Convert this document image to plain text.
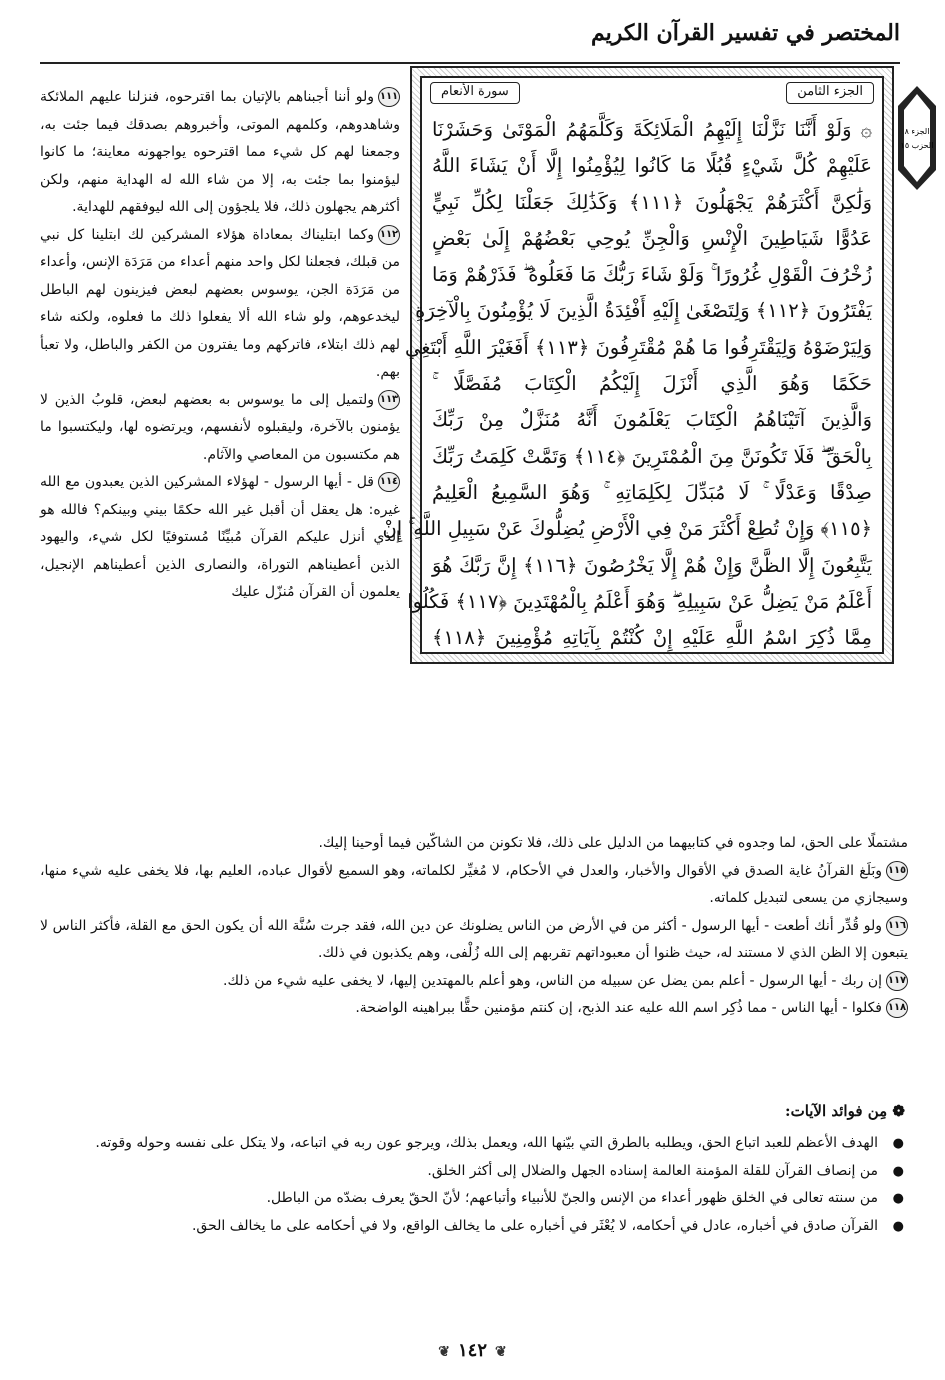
المختصر في تفسير القرآن الكريم
الجزء الثامن
سورة الأنعام
۞ وَلَوْ أَنَّنَا نَزَّلْنَا إِلَيْهِمُ الْمَلَائِكَةَ وَكَلَّمَهُمُ الْمَوْتَىٰ وَحَشَرْنَا
عَلَيْهِمْ كُلَّ شَيْءٍ قُبُلًا مَا كَانُوا لِيُؤْمِنُوا إِلَّا أَنْ يَشَاءَ اللَّهُ
وَلَٰكِنَّ أَكْثَرَهُمْ يَجْهَلُونَ ﴿١١١﴾ وَكَذَٰلِكَ جَعَلْنَا لِكُلِّ نَبِيٍّ
عَدُوًّا شَيَاطِينَ الْإِنْسِ وَالْجِنِّ يُوحِي بَعْضُهُمْ إِلَىٰ بَعْضٍ
زُخْرُفَ الْقَوْلِ غُرُورًا ۚ وَلَوْ شَاءَ رَبُّكَ مَا فَعَلُوهُ ۖ فَذَرْهُمْ وَمَا
يَفْتَرُونَ ﴿١١٢﴾ وَلِتَصْغَىٰ إِلَيْهِ أَفْئِدَةُ الَّذِينَ لَا يُؤْمِنُونَ بِالْآخِرَةِ
وَلِيَرْضَوْهُ وَلِيَقْتَرِفُوا مَا هُمْ مُقْتَرِفُونَ ﴿١١٣﴾ أَفَغَيْرَ اللَّهِ أَبْتَغِي
حَكَمًا وَهُوَ الَّذِي أَنْزَلَ إِلَيْكُمُ الْكِتَابَ مُفَصَّلًا ۚ
وَالَّذِينَ آتَيْنَاهُمُ الْكِتَابَ يَعْلَمُونَ أَنَّهُ مُنَزَّلٌ مِنْ رَبِّكَ
بِالْحَقِّ ۖ فَلَا تَكُونَنَّ مِنَ الْمُمْتَرِينَ ﴿١١٤﴾ وَتَمَّتْ كَلِمَتُ رَبِّكَ
صِدْقًا وَعَدْلًا ۚ لَا مُبَدِّلَ لِكَلِمَاتِهِ ۚ وَهُوَ السَّمِيعُ الْعَلِيمُ
﴿١١٥﴾ وَإِنْ تُطِعْ أَكْثَرَ مَنْ فِي الْأَرْضِ يُضِلُّوكَ عَنْ سَبِيلِ اللَّهِ ۚ إِنْ
يَتَّبِعُونَ إِلَّا الظَّنَّ وَإِنْ هُمْ إِلَّا يَخْرُصُونَ ﴿١١٦﴾ إِنَّ رَبَّكَ هُوَ
أَعْلَمُ مَنْ يَضِلُّ عَنْ سَبِيلِهِ ۖ وَهُوَ أَعْلَمُ بِالْمُهْتَدِينَ ﴿١١٧﴾ فَكُلُوا
مِمَّا ذُكِرَ اسْمُ اللَّهِ عَلَيْهِ إِنْ كُنْتُمْ بِآيَاتِهِ مُؤْمِنِينَ ﴿١١٨﴾
الجزء ٨
الحزب ١٥

١١١ولو أننا أجبناهم بالإتيان بما اقترحوه، فنزلنا عليهم الملائكة وشاهدوهم، وكلمهم الموتى، وأخبروهم بصدقك فيما جئت به، وجمعنا لهم كل شيء مما اقترحوه يواجهونه معاينة؛ ما كانوا ليؤمنوا بما جئت به، إلا من شاء الله له الهداية منهم، ولكن أكثرهم يجهلون ذلك، فلا يلجؤون إلى الله ليوفقهم للهداية.

١١٢وكما ابتليناك بمعاداة هؤلاء المشركين لك ابتلينا كل نبي من قبلك، فجعلنا لكل واحد منهم أعداء من مَرَدَة الإنس، وأعداء من مَرَدَة الجن، يوسوس بعضهم لبعض فيزينون لهم الباطل ليخدعوهم، ولو شاء الله ألا يفعلوا ذلك ما فعلوه، ولكنه شاء لهم ذلك ابتلاء، فاتركهم وما يفترون من الكفر والباطل، ولا تعبأ بهم.

١١٣ولتميل إلى ما يوسوس به بعضهم لبعض، قلوبُ الذين لا يؤمنون بالآخرة، وليقبلوه لأنفسهم، ويرتضوه لها، وليكتسبوا ما هم مكتسبون من المعاصي والآثام.

١١٤قل - أيها الرسول - لهؤلاء المشركين الذين يعبدون مع الله غيره: هل يعقل أن أقبل غير الله حكمًا بيني وبينكم؟ فالله هو الذي أنزل عليكم القرآن مُبيِّنًا مُستوفيًا لكل شيء، واليهود الذين أعطيناهم التوراة، والنصارى الذين أعطيناهم الإنجيل، يعلمون أن القرآن مُنزّل عليك

مشتملًا على الحق، لما وجدوه في كتابيهما من الدليل على ذلك، فلا تكونن من الشاكّين فيما أوحينا إليك.

١١٥وبَلَغ القرآنُ غاية الصدق في الأقوال والأخبار، والعدل في الأحكام، لا مُغيِّر لكلماته، وهو السميع لأقوال عباده، العليم بها، فلا يخفى عليه شيء منها، وسيجازي من يسعى لتبديل كلماته.

١١٦ولو قُدِّر أنك أطعت - أيها الرسول - أكثر من في الأرض من الناس يضلونك عن دين الله، فقد جرت سُنَّة الله أن يكون الحق مع القلة، فأكثر الناس لا يتبعون إلا الظن الذي لا مستند له، حيث ظنوا أن معبوداتهم تقربهم إلى الله زُلْفى، وهم يكذبون في ذلك.

١١٧إن ربك - أيها الرسول - أعلم بمن يضل عن سبيله من الناس، وهو أعلم بالمهتدين إليها، لا يخفى عليه شيء من ذلك.

١١٨فكلوا - أيها الناس - مما ذُكِر اسم الله عليه عند الذبح، إن كنتم مؤمنين حقًّا ببراهينه الواضحة.

❁ مِن فوائد الآيات:
● الهدف الأعظم للعبد اتباع الحق، ويطلبه بالطرق التي بيّنها الله، ويعمل بذلك، ويرجو عون ربه في اتباعه، ولا يتكل على نفسه وحوله وقوته.
● من إنصاف القرآن للقلة المؤمنة العالمة إسناده الجهل والضلال إلى أكثر الخلق.
● من سنته تعالى في الخلق ظهور أعداء من الإنس والجنّ للأنبياء وأتباعهم؛ لأنّ الحقّ يعرف بضدّه من الباطل.
● القرآن صادق في أخباره، عادل في أحكامه، لا يُعْثَر في أخباره على ما يخالف الواقع، ولا في أحكامه على ما يخالف الحق.
❦١٤٢❦
